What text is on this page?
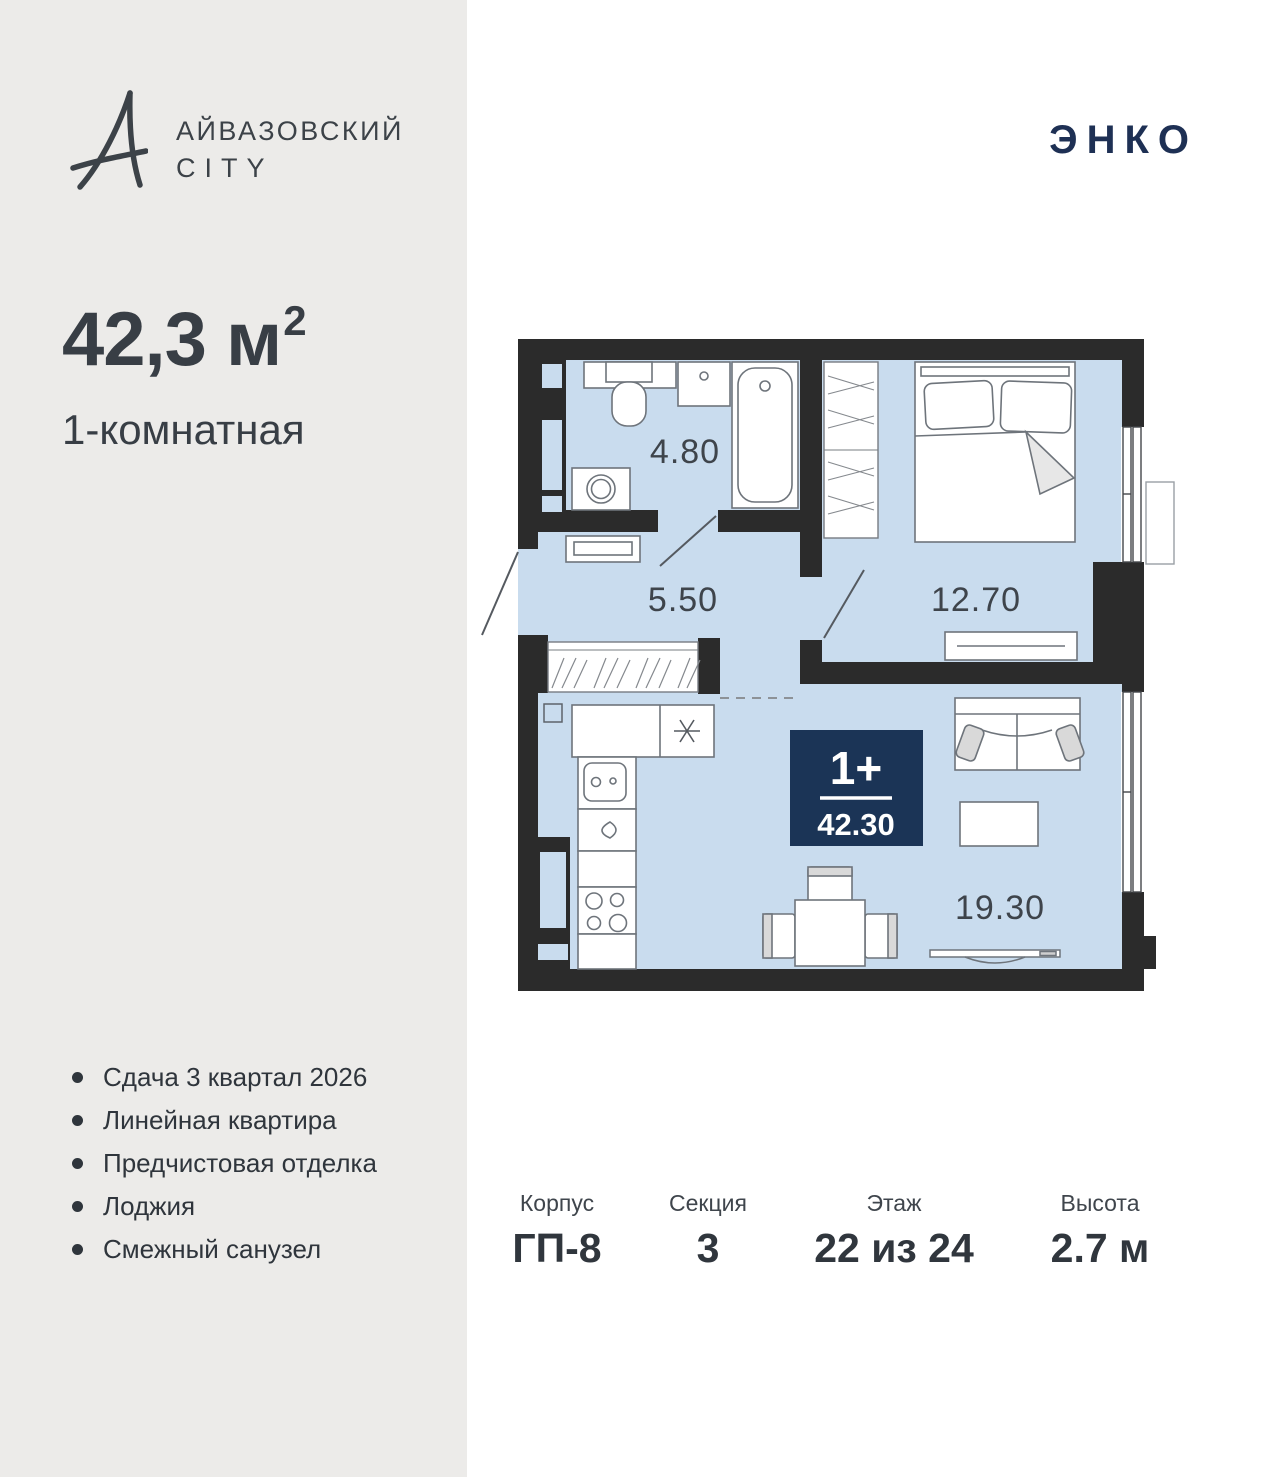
АЙВАЗОВСКИЙ
CITY
ЭНКО
42,3 $м^2$
1-комнатная	4.80
5.50	12.70
19.30
1+
42.30
Сдача 3 квартал 2026
Линейная квартира
Предчистовая отделка
Лоджия
Смежный санузел
Корпус
ГП-8
Секция
3
Этаж
22 из 24
Высота
2.7 м
